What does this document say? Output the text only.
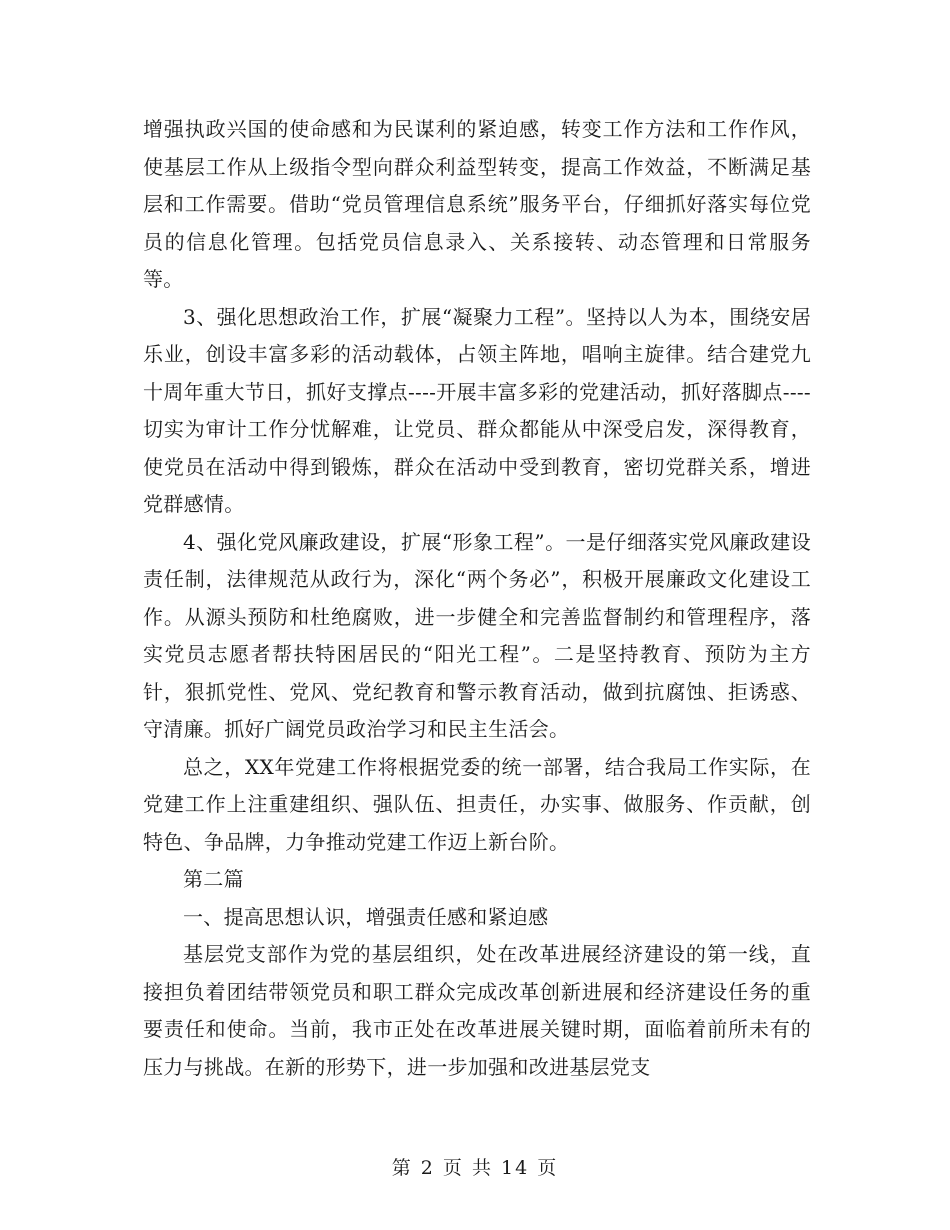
增强执政兴国的使命感和为民谋利的紧迫感，转变工作方法和工作作风，使基层工作从上级指令型向群众利益型转变，提高工作效益，不断满足基层和工作需要。借助“党员管理信息系统”服务平台，仔细抓好落实每位党员的信息化管理。包括党员信息录入、关系接转、动态管理和日常服务等。

3、强化思想政治工作，扩展“凝聚力工程”。坚持以人为本，围绕安居乐业，创设丰富多彩的活动载体，占领主阵地，唱响主旋律。结合建党九十周年重大节日，抓好支撑点----开展丰富多彩的党建活动，抓好落脚点----切实为审计工作分忧解难，让党员、群众都能从中深受启发，深得教育，使党员在活动中得到锻炼，群众在活动中受到教育，密切党群关系，增进党群感情。

4、强化党风廉政建设，扩展“形象工程”。一是仔细落实党风廉政建设责任制，法律规范从政行为，深化“两个务必”，积极开展廉政文化建设工作。从源头预防和杜绝腐败，进一步健全和完善监督制约和管理程序，落实党员志愿者帮扶特困居民的“阳光工程”。二是坚持教育、预防为主方针，狠抓党性、党风、党纪教育和警示教育活动，做到抗腐蚀、拒诱惑、守清廉。抓好广阔党员政治学习和民主生活会。

总之，XX年党建工作将根据党委的统一部署，结合我局工作实际，在党建工作上注重建组织、强队伍、担责任，办实事、做服务、作贡献，创特色、争品牌，力争推动党建工作迈上新台阶。

第二篇

一、提高思想认识，增强责任感和紧迫感

基层党支部作为党的基层组织，处在改革进展经济建设的第一线，直接担负着团结带领党员和职工群众完成改革创新进展和经济建设任务的重要责任和使命。当前，我市正处在改革进展关键时期，面临着前所未有的压力与挑战。在新的形势下，进一步加强和改进基层党支

第 2 页 共 14 页
